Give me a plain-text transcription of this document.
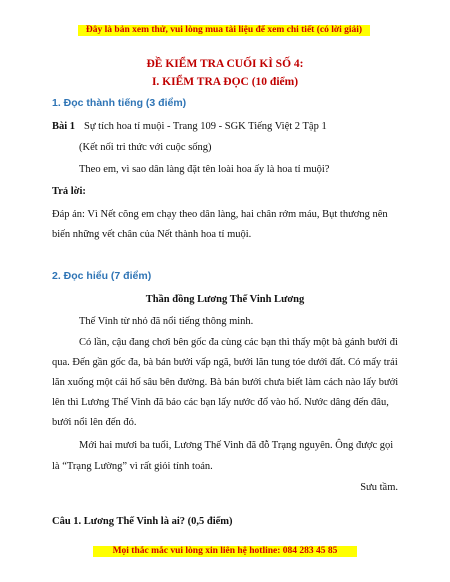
Đây là bản xem thử, vui lòng mua tài liệu để xem chi tiết (có lời giải)
ĐỀ KIỂM TRA CUỐI KÌ SỐ 4:
I. KIỂM TRA ĐỌC (10 điểm)
1. Đọc thành tiếng (3 điểm)
Bài 1 Sự tích hoa tỉ muội - Trang 109 - SGK Tiếng Việt 2 Tập 1
(Kết nối tri thức với cuộc sống)
Theo em, vì sao dân làng đặt tên loài hoa ấy là hoa tỉ muội?
Trả lời:
Đáp án: Vì Nết cõng em chạy theo dân làng, hai chân rớm máu, Bụt thương nên
biến những vết chân của Nết thành hoa tỉ muội.
2. Đọc hiểu (7 điểm)
Thần đồng Lương Thế Vinh Lương
Thế Vinh từ nhỏ đã nổi tiếng thông minh.
Có lần, cậu đang chơi bên gốc đa cùng các bạn thì thấy một bà gánh bưởi đi
qua. Đến gần gốc đa, bà bán bưởi vấp ngã, bưởi lăn tung tóe dưới đất. Có mấy trái
lăn xuống một cái hố sâu bên đường. Bà bán bưởi chưa biết làm cách nào lấy bưởi
lên thì Lương Thế Vinh đã bảo các bạn lấy nước đổ vào hố. Nước dâng đến đâu,
bưởi nổi lên đến đó.
Mới hai mươi ba tuổi, Lương Thế Vinh đã đỗ Trạng nguyên. Ông được gọi
là “Trạng Lường” vì rất giỏi tính toán.
Sưu tầm.
Câu 1. Lương Thế Vinh là ai? (0,5 điểm)
Mọi thắc mắc vui lòng xin liên hệ hotline: 084 283 45 85
